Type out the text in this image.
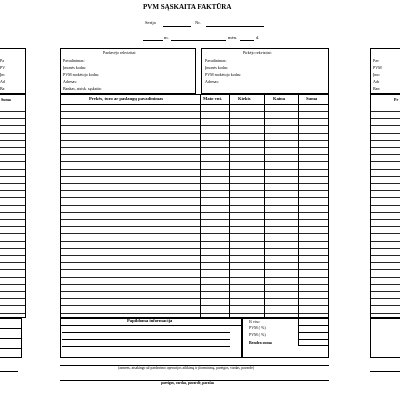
PVM SĄSKAITA FAKTŪRA
Serija	Nr.
m.	mėn.	d.
Pardavėjo rekvizitai:
Pavadinimas:
Įmonės kodas:
PVM mokėtojo kodas:
Adresas:
Bankas, atsisk. sąskaita:
Pirkėjo rekvizitai:
Pavadinimas:
Įmonės kodas:
PVM mokėtojo kodas:
Adresas:
Suma
Pav
PVM
Įmo
Adr
Ban
Pr
Prekės, turo ar paslaugų pavadinimas	Mato vnt.	Kiekis	Kaina	Suma
Papildoma informacija	Iš viso
PVM ( %)
PVM ( %)
Bendra suma
(asmens, atsakingo už pardavimo operacijos atlikimą ir įforminimą, pareigos, vardas, pavardė)
pareigos, vardas, pavardė, parašas
Pa
PV
Įm
Ad
Ba
